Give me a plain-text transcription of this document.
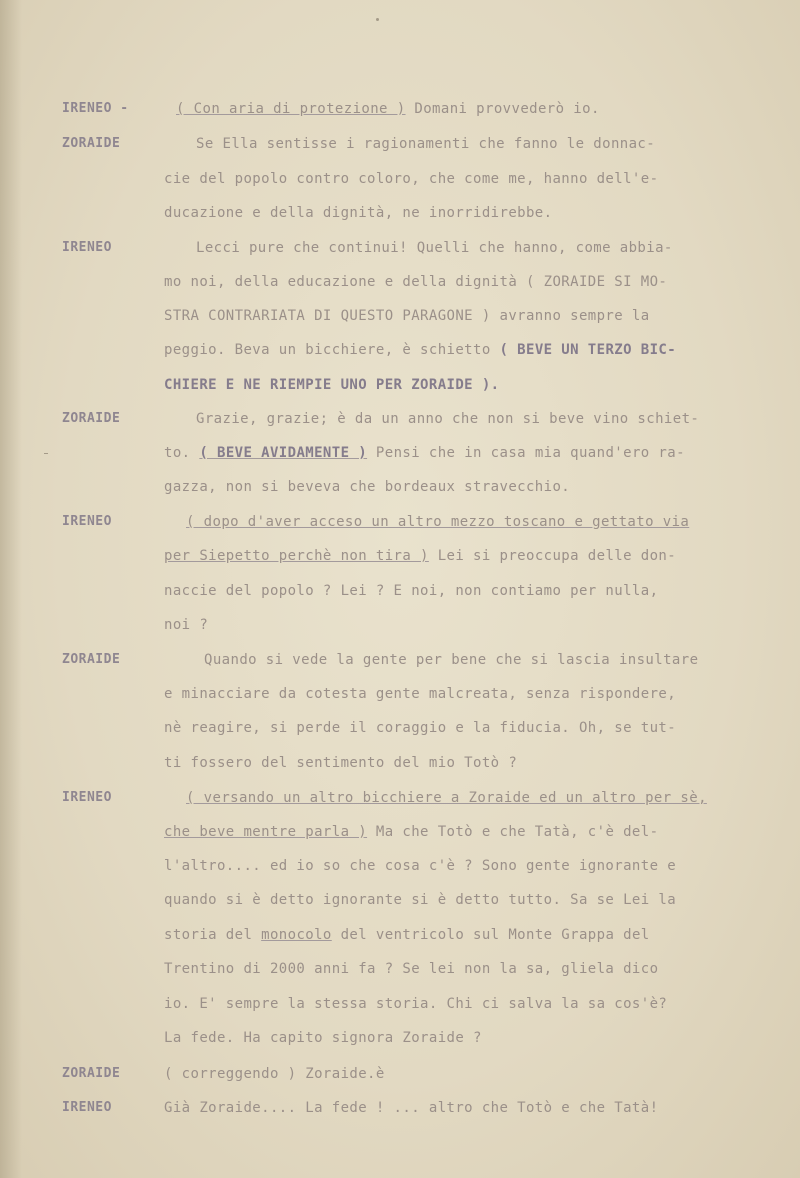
IRENEO -
ZORAIDE
IRENEO
ZORAIDE
IRENEO
ZORAIDE
IRENEO
ZORAIDE
IRENEO
( Con aria di protezione ) Domani provvederò io.
Se Ella sentisse i ragionamenti che fanno le donnac-
cie del popolo contro coloro, che come me, hanno dell'e-
ducazione e della dignità, ne inorridirebbe.
Lecci pure che continui! Quelli che hanno, come abbia-
mo noi, della educazione e della dignità ( ZORAIDE SI MO-
STRA CONTRARIATA DI QUESTO PARAGONE ) avranno sempre la
peggio. Beva un bicchiere, è schietto ( BEVE UN TERZO BIC-
CHIERE E NE RIEMPIE UNO PER ZORAIDE ).
Grazie, grazie; è da un anno che non si beve vino schiet-
to. ( BEVE AVIDAMENTE ) Pensi che in casa mia quand'ero ra-
gazza, non si beveva che bordeaux stravecchio.
( dopo d'aver acceso un altro mezzo toscano e gettato via
per Siepetto perchè non tira ) Lei si preoccupa delle don-
naccie del popolo ? Lei ? E noi, non contiamo per nulla,
noi ?
Quando si vede la gente per bene che si lascia insultare
e minacciare da cotesta gente malcreata, senza rispondere,
nè reagire, si perde il coraggio e la fiducia. Oh, se tut-
ti fossero del sentimento del mio Totò ?
( versando un altro bicchiere a Zoraide ed un altro per sè,
che beve mentre parla ) Ma che Totò e che Tatà, c'è del-
l'altro.... ed io so che cosa c'è ? Sono gente ignorante e
quando si è detto ignorante si è detto tutto. Sa se Lei la
storia del monocolo del ventricolo sul Monte Grappa del
Trentino di 2000 anni fa ? Se lei non la sa, gliela dico
io. E' sempre la stessa storia. Chi ci salva la sa cos'è?
La fede. Ha capito signora Zoraide ?
( correggendo ) Zoraide.è
Già Zoraide.... La fede ! ... altro che Totò e che Tatà!
